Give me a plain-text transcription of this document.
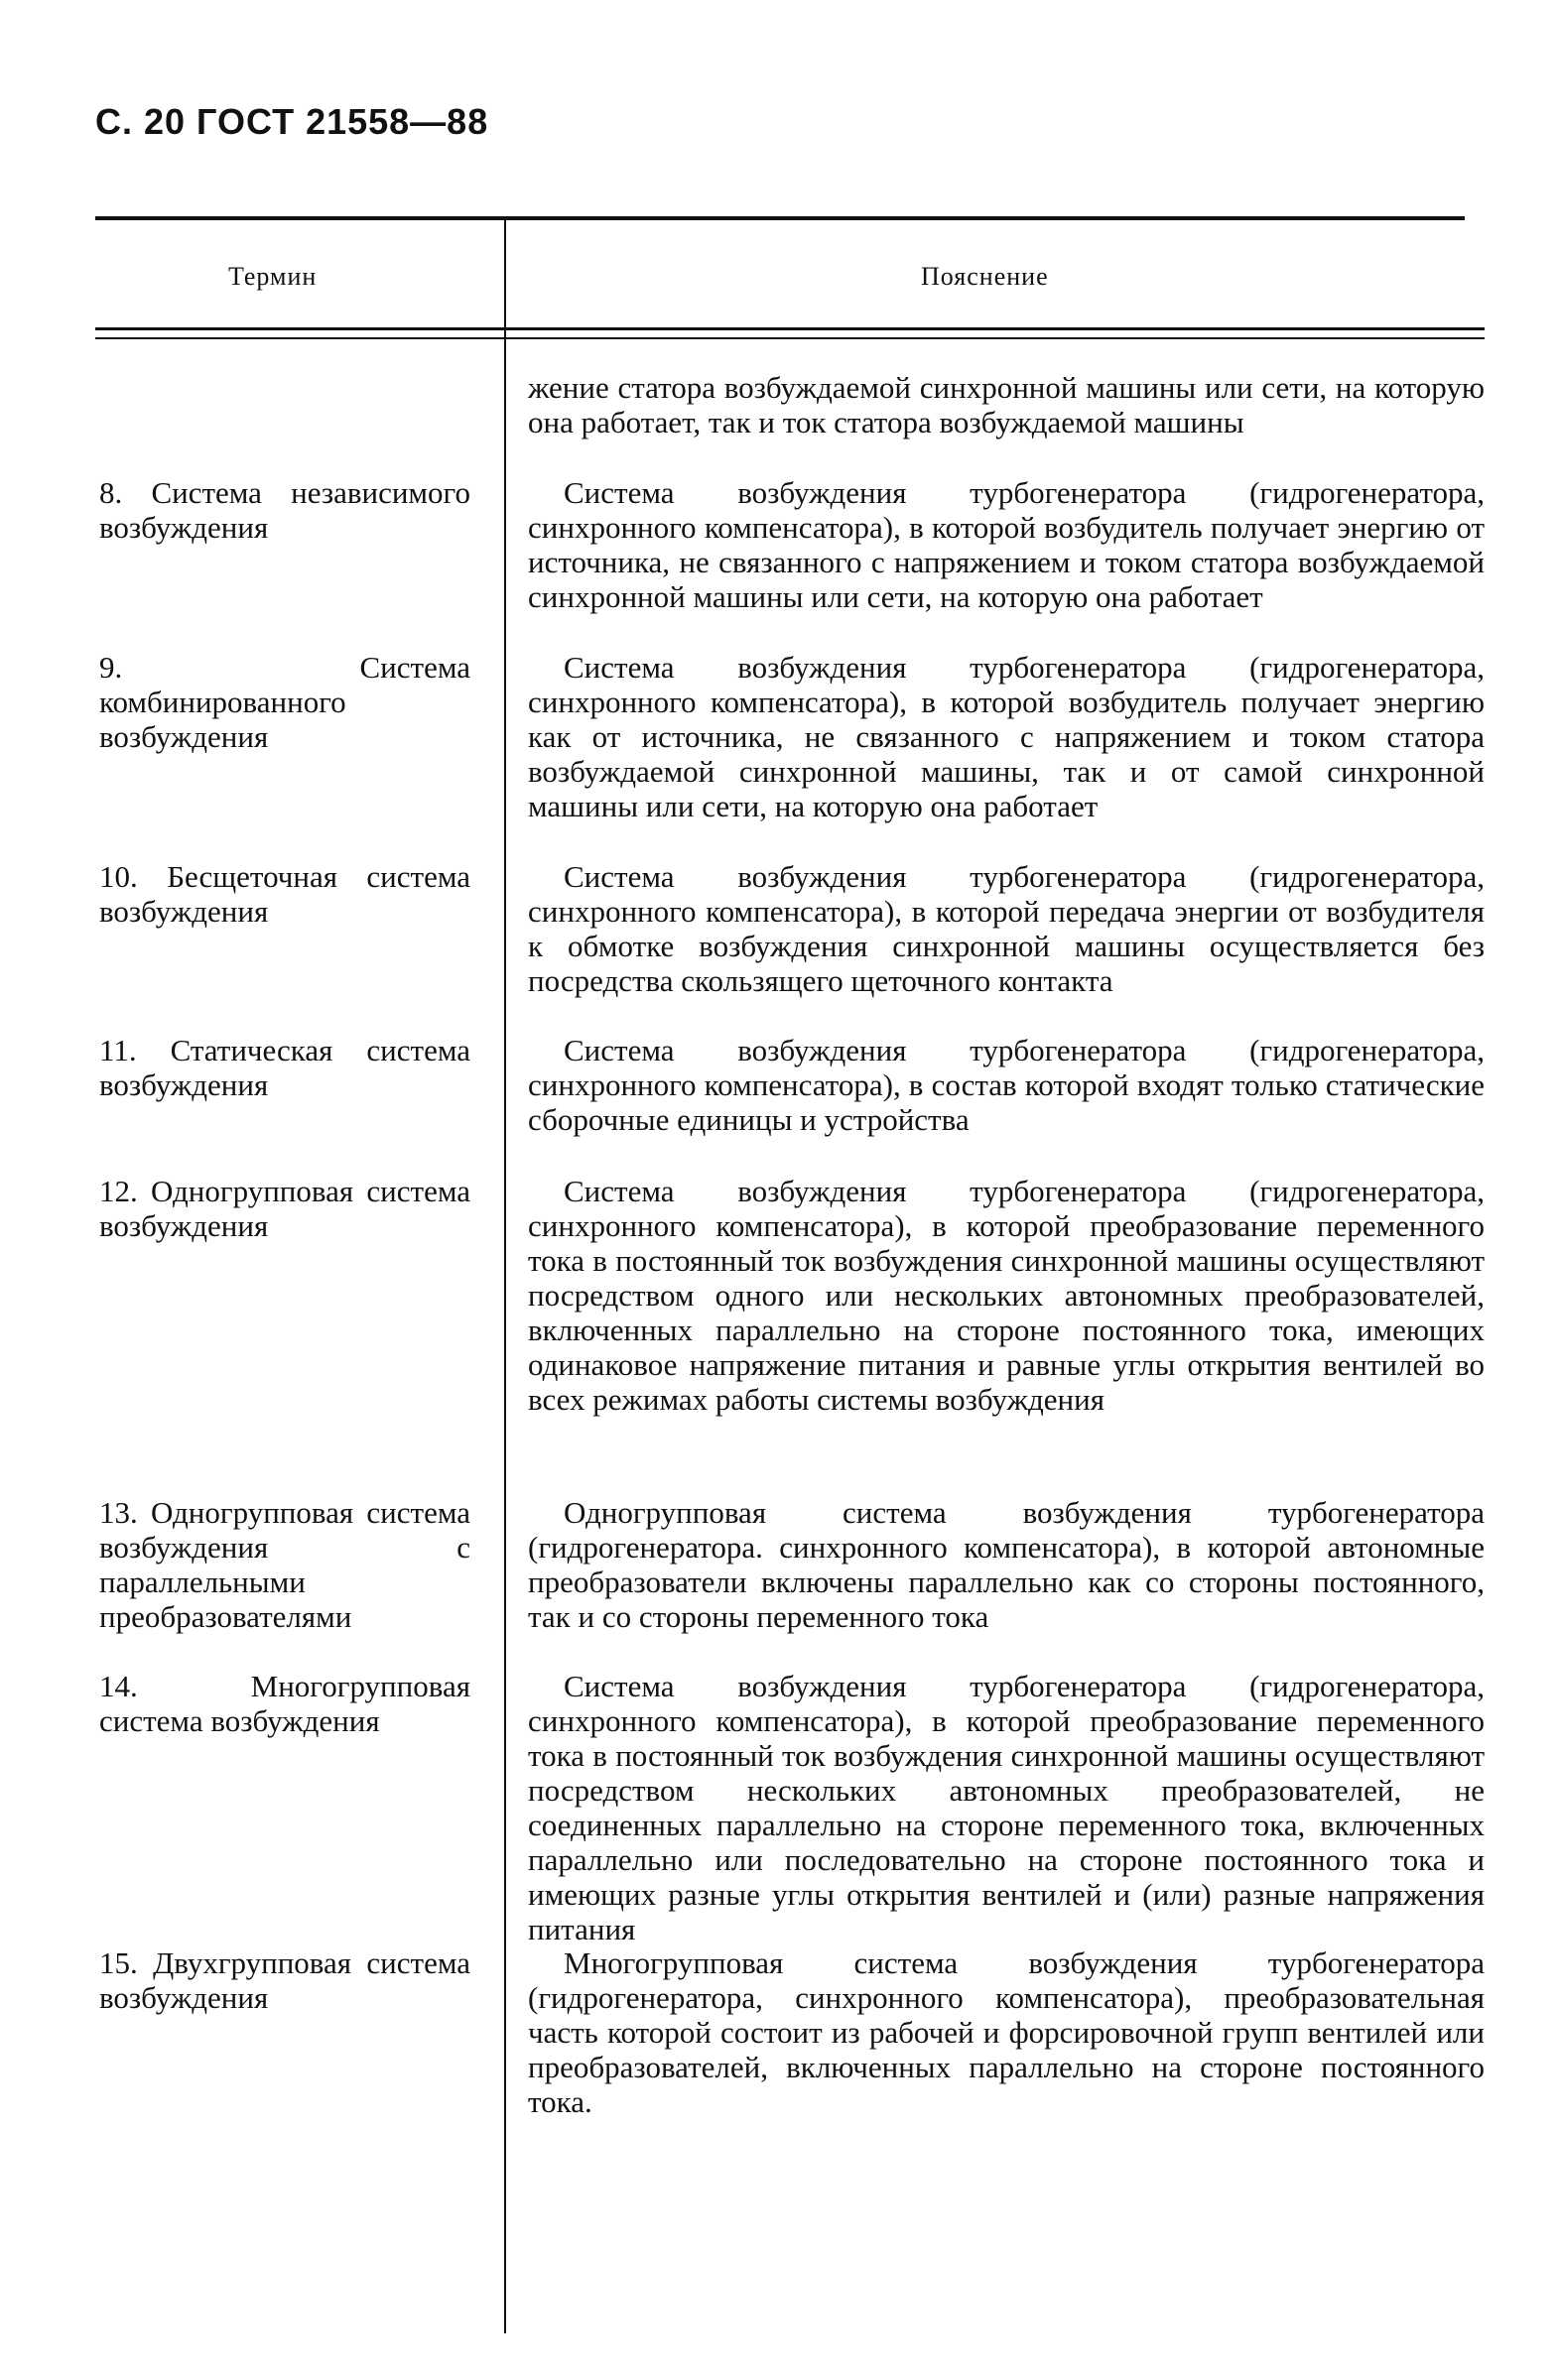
С. 20 ГОСТ 21558—88
Термин	Пояснение

жение статора возбуждаемой синхронной машины или сети, на которую она работает, так и ток статора возбуждаемой машины

8. Система независимого возбуждения

Система возбуждения турбогенератора (гидрогенератора, синхронного компенсатора), в которой возбудитель получает энергию от источника, не связанного с напряжением и током статора возбуждаемой синхронной машины или сети, на которую она работает

9. Система комбинированного возбуждения

Система возбуждения турбогенератора (гидрогенератора, синхронного компенсатора), в которой возбудитель получает энергию как от источника, не связанного с напряжением и током статора возбуждаемой синхронной машины, так и от самой синхронной машины или сети, на которую она работает

10. Бесщеточная система возбуждения

Система возбуждения турбогенератора (гидрогенератора, синхронного компенсатора), в которой передача энергии от возбудителя к обмотке возбуждения синхронной машины осуществляется без посредства скользящего щеточного контакта

11. Статическая система возбуждения

Система возбуждения турбогенератора (гидрогенератора, синхронного компенсатора), в состав которой входят только статические сборочные единицы и устройства

12. Одногрупповая система возбуждения

Система возбуждения турбогенератора (гидрогенератора, синхронного компенсатора), в которой преобразование переменного тока в постоянный ток возбуждения синхронной машины осуществляют посредством одного или нескольких автономных преобразователей, включенных параллельно на стороне постоянного тока, имеющих одинаковое напряжение питания и равные углы открытия вентилей во всех режимах работы системы возбуждения

13. Одногрупповая система возбуждения с параллельными преобразователями

Одногрупповая система возбуждения турбогенератора (гидрогенератора. синхронного компенсатора), в которой автономные преобразователи включены параллельно как со стороны постоянного, так и со стороны переменного тока

14. Многогрупповая система возбуждения

Система возбуждения турбогенератора (гидрогенератора, синхронного компенсатора), в которой преобразование переменного тока в постоянный ток возбуждения синхронной машины осуществляют посредством нескольких автономных преобразователей, не соединенных параллельно на стороне переменного тока, включенных параллельно или последовательно на стороне постоянного тока и имеющих разные углы открытия вентилей и (или) разные напряжения питания

15. Двухгрупповая система возбуждения

Многогрупповая система возбуждения турбогенератора (гидрогенератора, синхронного компенсатора), преобразовательная часть которой состоит из рабочей и форсировочной групп вентилей или преобразователей, включенных параллельно на стороне постоянного тока.
